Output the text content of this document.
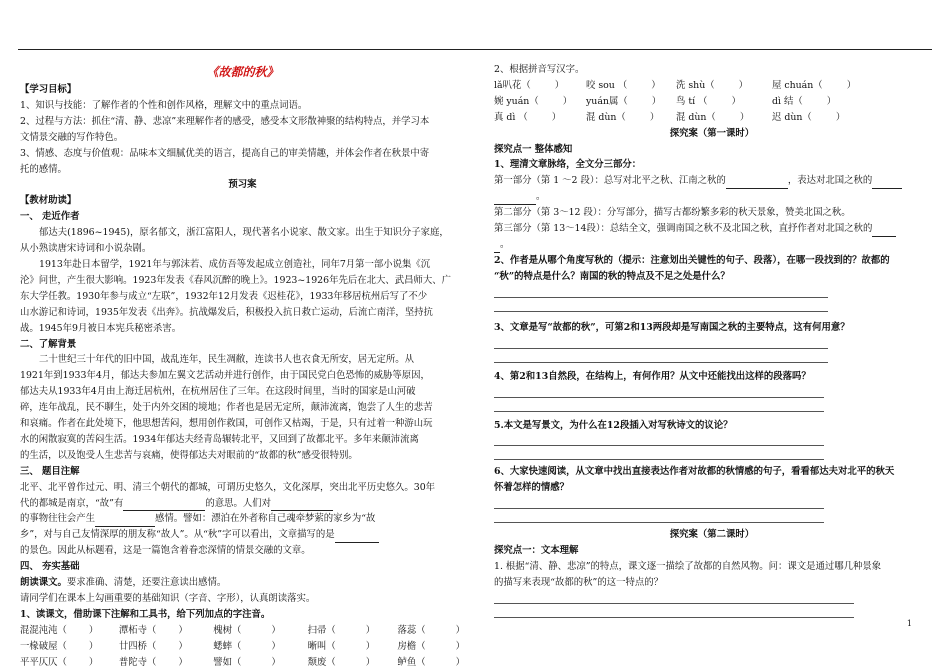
《故都的秋》
【学习目标】
1、知识与技能：了解作者的个性和创作风格，理解文中的重点词语。
2、过程与方法：抓住“清、静、悲凉”来理解作者的感受，感受本文形散神聚的结构特点，并学习本
文情景交融的写作特色。
3、情感、态度与价值观：品味本文细腻优美的语言，提高自己的审美情趣，并体会作者在秋景中寄
托的感情。
预习案
【教材助读】
一、 走近作者
郁达夫(1896~1945)，原名郁文，浙江富阳人，现代著名小说家、散文家。出生于知识分子家庭，
从小熟读唐宋诗词和小说杂剧。
1913年赴日本留学，1921年与郭沫若、成仿吾等发起成立创造社，同年7月第一部小说集《沉
沦》问世，产生很大影响。1923年发表《春风沉醉的晚上》。1923~1926年先后在北大、武昌师大、广
东大学任教。1930年参与成立“左联”，1932年12月发表《迟桂花》，1933年移居杭州后写了不少
山水游记和诗词，1935年发表《出奔》。抗战爆发后，积极投入抗日救亡运动，后流亡南洋，坚持抗
战。1945年9月被日本宪兵秘密杀害。
二、了解背景
二十世纪三十年代的旧中国，战乱连年，民生凋敝，连读书人也衣食无所安，居无定所。从
1921年到1933年4月，郁达夫参加左翼文艺活动并进行创作，由于国民党白色恐怖的威胁等原因，
郁达夫从1933年4月由上海迁居杭州，在杭州居住了三年。在这段时间里，当时的国家是山河破
碎，连年战乱，民不聊生，处于内外交困的境地；作者也是居无定所，颠沛流离，饱尝了人生的悲苦
和哀痛。作者在此处境下，他思想苦闷，想用创作救国，可创作又枯竭，于是，只有过着一种游山玩
水的闲散寂寞的苦闷生活。1934年郁达夫经青岛辗转北平，又回到了故都北平。多年来颠沛流离
的生活，以及饱受人生悲苦与哀痛，使得郁达夫对眼前的“故都的秋”感受很特别。
三、 题目注解
北平、北平曾作过元、明、清三个朝代的都城，可谓历史悠久，文化深厚，突出北平历史悠久。30年
代的都城是南京，“故”有	的意思。人们对
的事物往往会产生	感情。譬如：漂泊在外者称自己魂牵梦萦的家乡为“故
乡”，对与自己友情深厚的朋友称“故人”。从“秋”字可以看出，文章描写的是
的景色。因此从标题看，这是一篇饱含着眷恋深情的情景交融的文章。
四、 夯实基础
朗读课文。要求准确、清楚，还要注意读出感情。
请同学们在课本上勾画重要的基础知识（字音、字形），认真朗读落实。
1、读课文，借助课下注解和工具书，给下列加点的字注音。
混混沌沌（ ）	潭柘寺（ ）	槐树（	）	扫帚（	）	落蕊（	）
一椽破屋（ ）	廿四桥（ ）	蟋蟀（	）	晰叫（	）	房檐（	）
平平仄仄（ ）	普陀寺（ ）	譬如（	）	颓废（	）	鲈鱼（	）
2、根据拼音写汉字。
lǎ叭花（	）	咬 sou （	）	洗 shù（	）	屋 chuán（	）
婉 yuán（	）	yuán属（	）	鸟 tí （	）	dì 结（	）
真 dì （	）	混 dùn（	）	混 dùn（	）	迟 dùn（	）
探究案（第一课时）
探究点一 整体感知
1、理清文章脉络，全文分三部分：
第一部分（第 1 ～2 段）：总写对北平之秋、江南之秋的	，表达对北国之秋的
。
第二部分（第 3～12 段）：分写部分，描写古都纷繁多彩的秋天景象，赞美北国之秋。
第三部分（第 13～14段）：总结全文，强调南国之秋不及北国之秋，直抒作者对北国之秋的
。
2、作者是从哪个角度写秋的（提示：注意划出关键性的句子、段落），在哪一段找到的？故都的
“秋”的特点是什么？南国的秋的特点及不足之处是什么？
3、文章是写“故都的秋”，可第2和13两段却是写南国之秋的主要特点，这有何用意？
4、第2和13自然段，在结构上，有何作用？从文中还能找出这样的段落吗？
5.本文是写景文，为什么在12段插入对写秋诗文的议论？
6、大家快速阅读，从文章中找出直接表达作者对故都的秋情感的句子，看看郁达夫对北平的秋天
怀着怎样的情感？
探究案（第二课时）
探究点一：文本理解
1. 根据“清、静、悲凉”的特点，课文逐一描绘了故都的自然风物。问：课文是通过哪几种景象
的描写来表现“故都的秋”的这一特点的？
1
